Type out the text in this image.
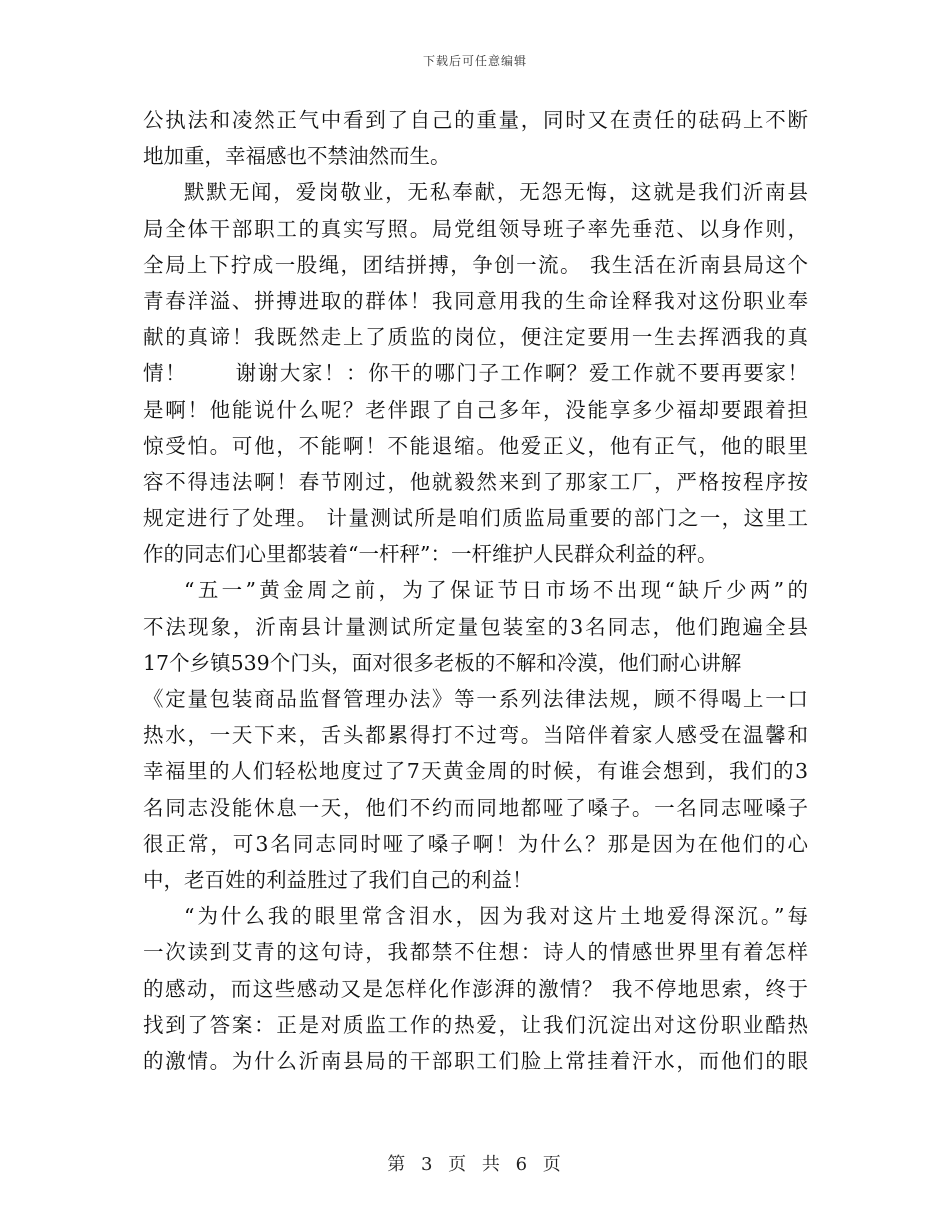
下载后可任意编辑
公执法和凌然正气中看到了自己的重量，同时又在责任的砝码上不断
地加重，幸福感也不禁油然而生。
默默无闻，爱岗敬业，无私奉献，无怨无悔，这就是我们沂南县
局全体干部职工的真实写照。局党组领导班子率先垂范、以身作则，
全局上下拧成一股绳，团结拼搏，争创一流。 我生活在沂南县局这个
青春洋溢、拼搏进取的群体！我同意用我的生命诠释我对这份职业奉
献的真谛！我既然走上了质监的岗位，便注定要用一生去挥洒我的真
情！      谢谢大家！：你干的哪门子工作啊？爱工作就不要再要家！
是啊！他能说什么呢？老伴跟了自己多年，没能享多少福却要跟着担
惊受怕。可他，不能啊！不能退缩。他爱正义，他有正气，他的眼里
容不得违法啊！春节刚过，他就毅然来到了那家工厂，严格按程序按
规定进行了处理。 计量测试所是咱们质监局重要的部门之一，这里工
作的同志们心里都装着“一杆秤”：一杆维护人民群众利益的秤。
“五一”黄金周之前，为了保证节日市场不出现“缺斤少两”的
不法现象，沂南县计量测试所定量包装室的3名同志，他们跑遍全县
17个乡镇539个门头，面对很多老板的不解和冷漠，他们耐心讲解
《定量包装商品监督管理办法》等一系列法律法规，顾不得喝上一口
热水，一天下来，舌头都累得打不过弯。当陪伴着家人感受在温馨和
幸福里的人们轻松地度过了7天黄金周的时候，有谁会想到，我们的3
名同志没能休息一天，他们不约而同地都哑了嗓子。一名同志哑嗓子
很正常，可3名同志同时哑了嗓子啊！为什么？那是因为在他们的心
中，老百姓的利益胜过了我们自己的利益！
“为什么我的眼里常含泪水，因为我对这片土地爱得深沉。”每
一次读到艾青的这句诗，我都禁不住想：诗人的情感世界里有着怎样
的感动，而这些感动又是怎样化作澎湃的激情？ 我不停地思索，终于
找到了答案：正是对质监工作的热爱，让我们沉淀出对这份职业酷热
的激情。为什么沂南县局的干部职工们脸上常挂着汗水，而他们的眼
第 3 页 共 6 页
